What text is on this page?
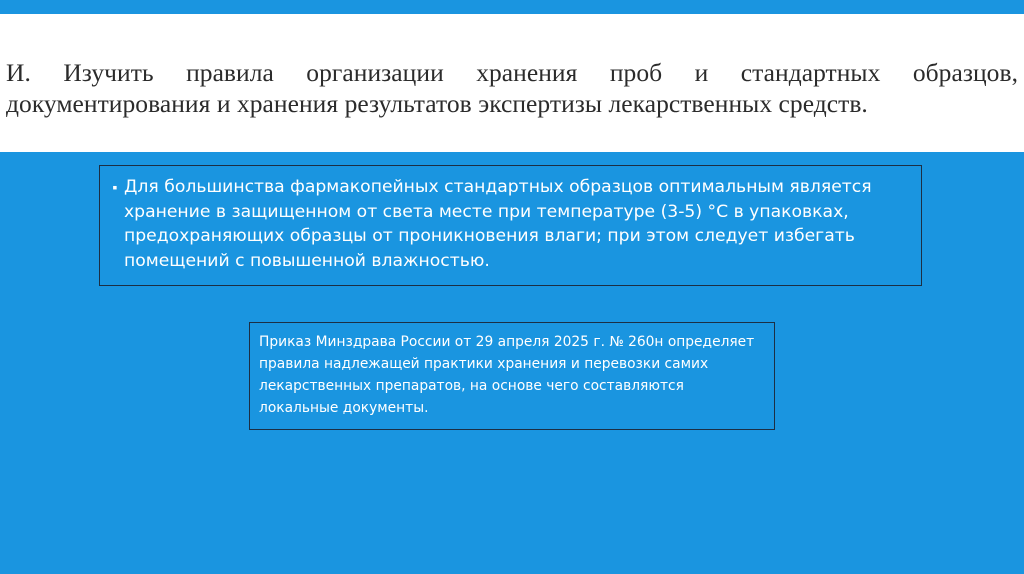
И. Изучить правила организации хранения проб и стандартных образцов, документирования и хранения результатов экспертизы лекарственных средств.
▪ Для большинства фармакопейных стандартных образцов оптимальным является хранение в защищенном от света месте при температуре (3-5) °С в упаковках, предохраняющих образцы от проникновения влаги; при этом следует избегать помещений с повышенной влажностью.

Приказ Минздрава России от 29 апреля 2025 г. № 260н определяет правила надлежащей практики хранения и перевозки самих лекарственных препаратов, на основе чего составляются локальные документы.
